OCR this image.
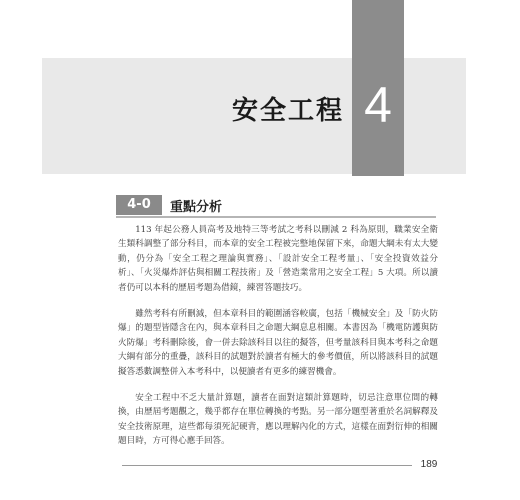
安全工程 4
4-0	重點分析

113 年起公務人員高考及地特三等考試之考科以刪減 2 科為原則，職業安全衛生類科調整了部分科目，而本章的安全工程被完整地保留下來，命題大綱未有太大變動，仍分為「安全工程之理論與實務」、「設計安全工程考量」、「安全投資效益分析」、「火災爆炸評估與相關工程技術」及「營造業常用之安全工程」5 大項。所以讀者仍可以本科的歷屆考題為借鏡，練習答題技巧。

雖然考科有所刪減，但本章科目的範圍涵容較廣，包括「機械安全」及「防火防爆」的題型皆隱含在內，與本章科目之命題大綱息息相關。本書因為「機電防護與防火防爆」考科刪除後，會一併去除該科目以往的擬答，但考量該科目與本考科之命題大綱有部分的重疊，該科目的試題對於讀者有極大的參考價值，所以將該科目的試題擬答悉數調整併入本考科中，以便讀者有更多的練習機會。

安全工程中不乏大量計算題，讀者在面對這類計算題時，切忌注意單位間的轉換，由歷屆考題觀之，幾乎都存在單位轉換的考點。另一部分題型著重於名詞解釋及安全技術原理，這些都每須死記硬背，應以理解內化的方式，這樣在面對衍伸的相關題目時，方可得心應手回答。

189
